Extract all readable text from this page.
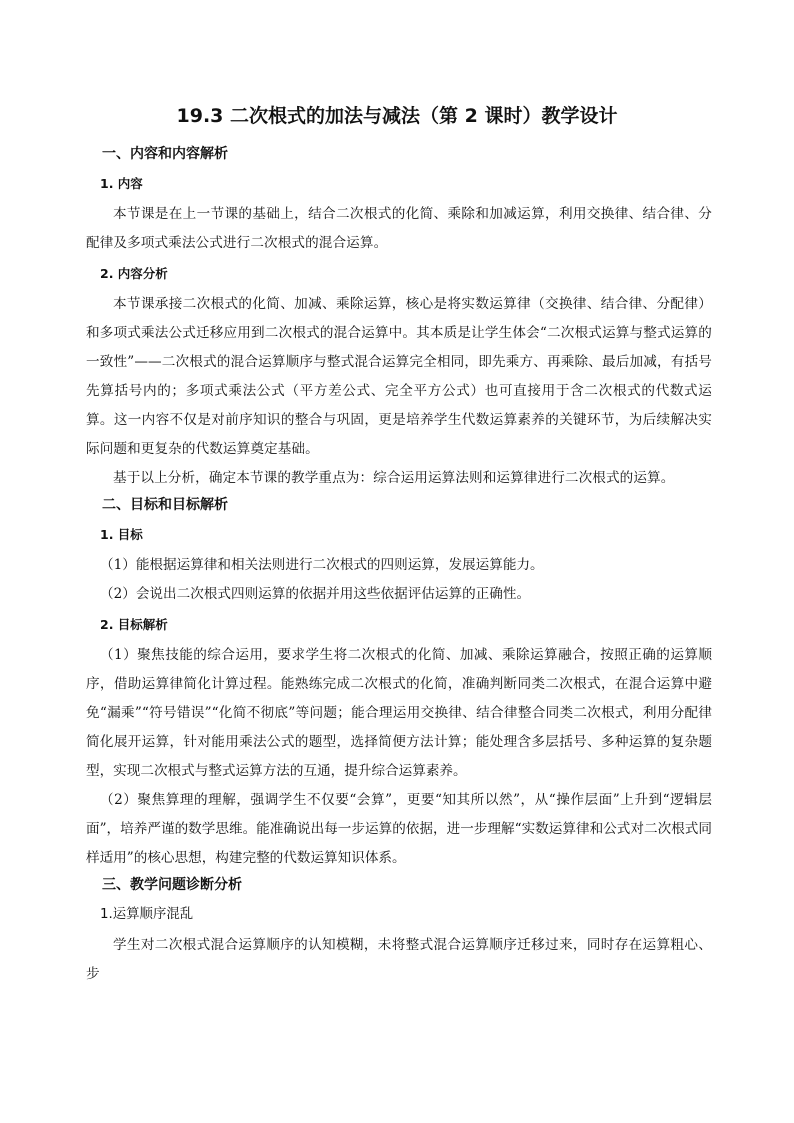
19.3 二次根式的加法与减法（第 2 课时）教学设计
一、内容和内容解析
1. 内容

本节课是在上一节课的基础上，结合二次根式的化简、乘除和加减运算，利用交换律、结合律、分配律及多项式乘法公式进行二次根式的混合运算。

2. 内容分析

本节课承接二次根式的化简、加减、乘除运算，核心是将实数运算律（交换律、结合律、分配律）和多项式乘法公式迁移应用到二次根式的混合运算中。其本质是让学生体会“二次根式运算与整式运算的一致性”——二次根式的混合运算顺序与整式混合运算完全相同，即先乘方、再乘除、最后加减，有括号先算括号内的；多项式乘法公式（平方差公式、完全平方公式）也可直接用于含二次根式的代数式运算。这一内容不仅是对前序知识的整合与巩固，更是培养学生代数运算素养的关键环节，为后续解决实际问题和更复杂的代数运算奠定基础。

基于以上分析，确定本节课的教学重点为：综合运用运算法则和运算律进行二次根式的运算。

二、目标和目标解析
1. 目标

（1）能根据运算律和相关法则进行二次根式的四则运算，发展运算能力。

（2）会说出二次根式四则运算的依据并用这些依据评估运算的正确性。

2. 目标解析

（1）聚焦技能的综合运用，要求学生将二次根式的化简、加减、乘除运算融合，按照正确的运算顺序，借助运算律简化计算过程。能熟练完成二次根式的化简，准确判断同类二次根式，在混合运算中避免“漏乘”“符号错误”“化简不彻底”等问题；能合理运用交换律、结合律整合同类二次根式，利用分配律简化展开运算，针对能用乘法公式的题型，选择简便方法计算；能处理含多层括号、多种运算的复杂题型，实现二次根式与整式运算方法的互通，提升综合运算素养。

（2）聚焦算理的理解，强调学生不仅要“会算”，更要“知其所以然”，从“操作层面”上升到“逻辑层面”，培养严谨的数学思维。能准确说出每一步运算的依据，进一步理解“实数运算律和公式对二次根式同样适用”的核心思想，构建完整的代数运算知识体系。

三、教学问题诊断分析
1.运算顺序混乱

学生对二次根式混合运算顺序的认知模糊，未将整式混合运算顺序迁移过来，同时存在运算粗心、步
